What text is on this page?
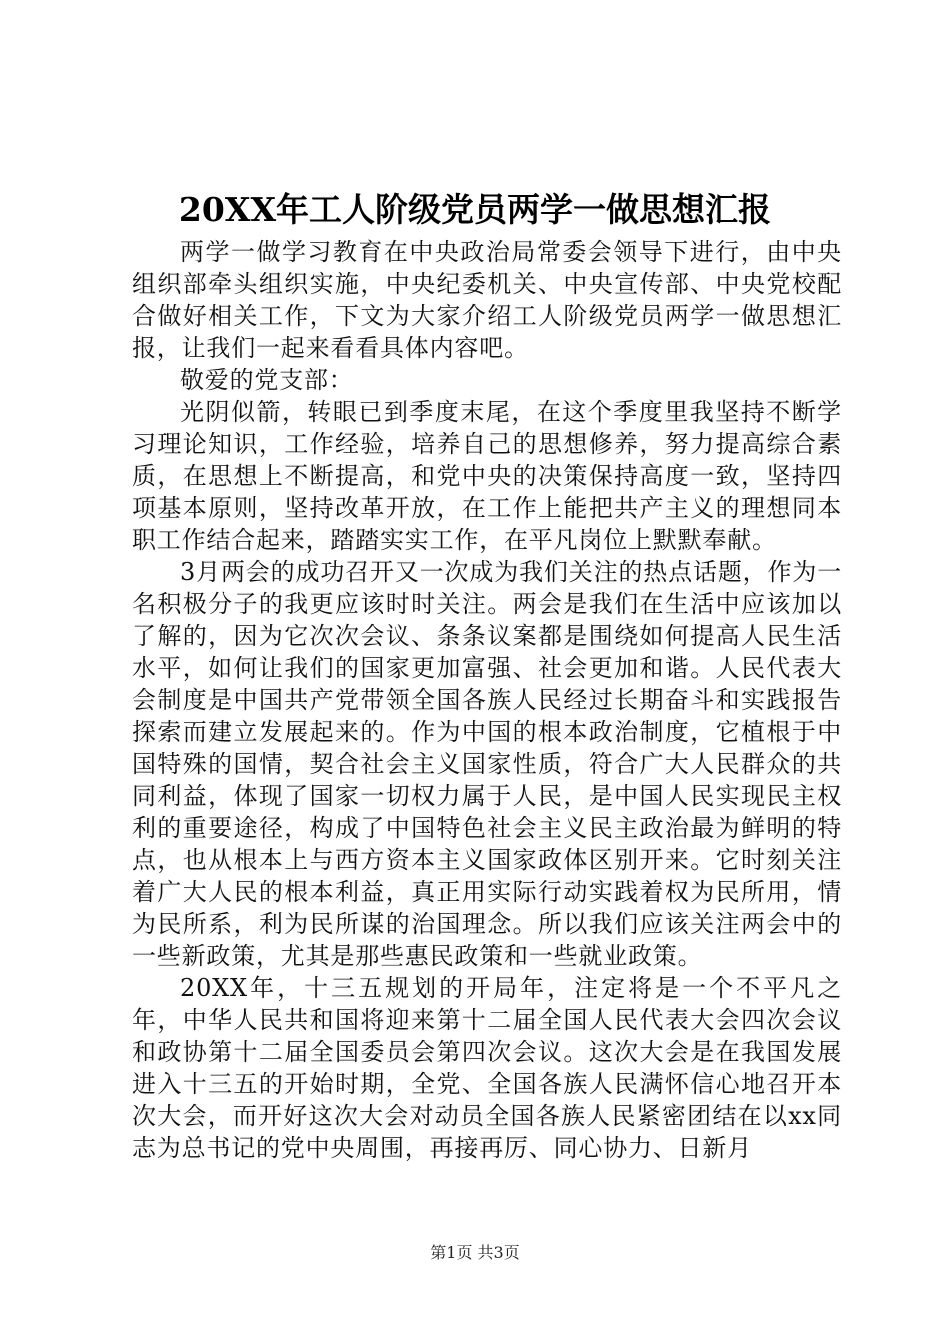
20XX年工人阶级党员两学一做思想汇报

两学一做学习教育在中央政治局常委会领导下进行，由中央组织部牵头组织实施，中央纪委机关、中央宣传部、中央党校配合做好相关工作，下文为大家介绍工人阶级党员两学一做思想汇报，让我们一起来看看具体内容吧。

敬爱的党支部：

光阴似箭，转眼已到季度末尾，在这个季度里我坚持不断学习理论知识，工作经验，培养自己的思想修养，努力提高综合素质，在思想上不断提高，和党中央的决策保持高度一致，坚持四项基本原则，坚持改革开放，在工作上能把共产主义的理想同本职工作结合起来，踏踏实实工作，在平凡岗位上默默奉献。

3月两会的成功召开又一次成为我们关注的热点话题，作为一名积极分子的我更应该时时关注。两会是我们在生活中应该加以了解的，因为它次次会议、条条议案都是围绕如何提高人民生活水平，如何让我们的国家更加富强、社会更加和谐。人民代表大会制度是中国共产党带领全国各族人民经过长期奋斗和实践报告探索而建立发展起来的。作为中国的根本政治制度，它植根于中国特殊的国情，契合社会主义国家性质，符合广大人民群众的共同利益，体现了国家一切权力属于人民，是中国人民实现民主权利的重要途径，构成了中国特色社会主义民主政治最为鲜明的特点，也从根本上与西方资本主义国家政体区别开来。它时刻关注着广大人民的根本利益，真正用实际行动实践着权为民所用，情为民所系，利为民所谋的治国理念。所以我们应该关注两会中的一些新政策，尤其是那些惠民政策和一些就业政策。

20XX年，十三五规划的开局年，注定将是一个不平凡之年，中华人民共和国将迎来第十二届全国人民代表大会四次会议和政协第十二届全国委员会第四次会议。这次大会是在我国发展进入十三五的开始时期，全党、全国各族人民满怀信心地召开本次大会，而开好这次大会对动员全国各族人民紧密团结在以xx同志为总书记的党中央周围，再接再厉、同心协力、日新月

第1页 共3页
